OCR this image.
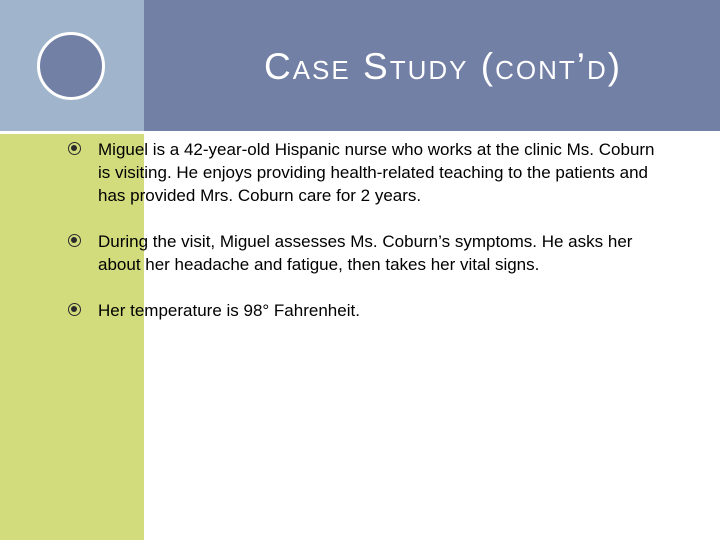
Case Study (cont’d)
Miguel is a 42-year-old Hispanic nurse who works at the clinic Ms. Coburn is visiting. He enjoys providing health-related teaching to the patients and has provided Mrs. Coburn care for 2 years.
During the visit, Miguel assesses Ms. Coburn’s symptoms. He asks her about her headache and fatigue, then takes her vital signs.
Her temperature is 98° Fahrenheit.
